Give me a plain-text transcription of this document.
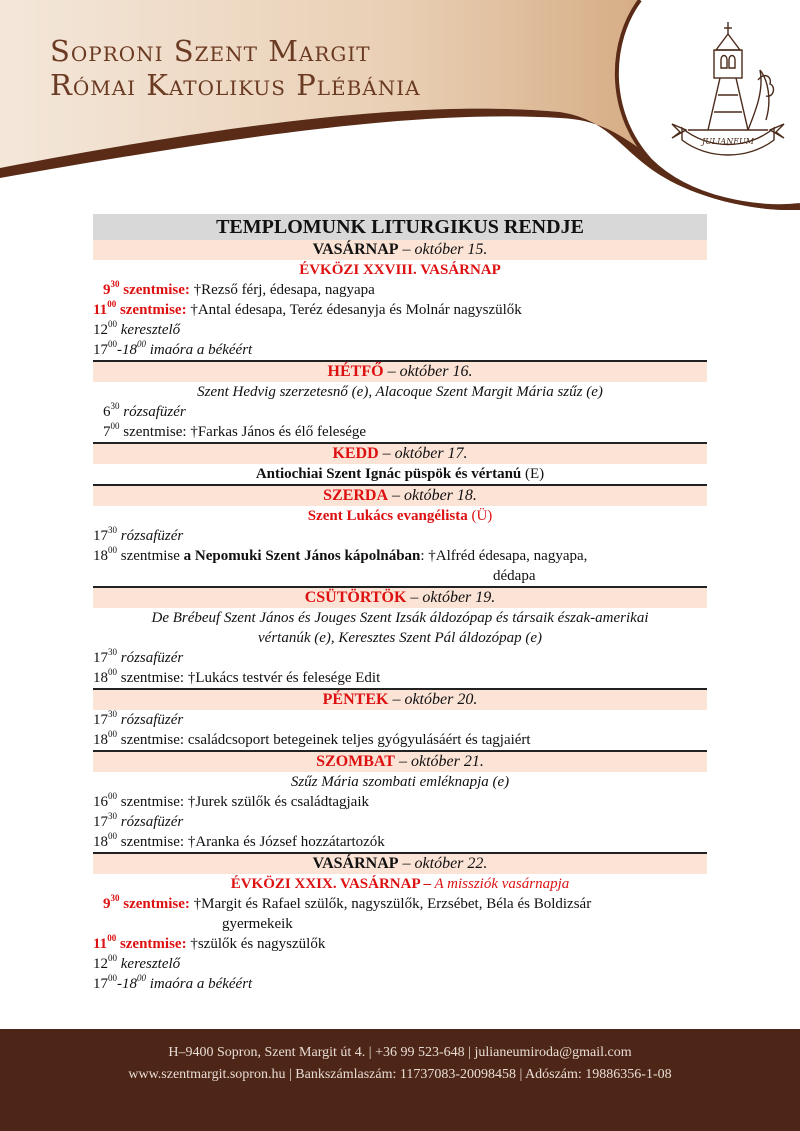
Soproni Szent Margit
Római Katolikus Plébánia
JULIANEUM
TEMPLOMUNK LITURGIKUS RENDJE
VASÁRNAP – október 15.
ÉVKÖZI XXVIII. VASÁRNAP
$9^{30}$ szentmise: †Rezső férj, édesapa, nagyapa
$11^{00}$ szentmise: †Antal édesapa, Teréz édesanyja és Molnár nagyszülők
$12^{00}$ keresztelő
$17^{00}-18^{00}$ imaóra a békéért
HÉTFŐ – október 16.
Szent Hedvig szerzetesnő (e), Alacoque Szent Margit Mária szűz (e)
$6^{30}$ rózsafüzér
$7^{00}$ szentmise: †Farkas János és élő felesége
KEDD – október 17.
Antiochiai Szent Ignác püspök és vértanú (E)
SZERDA – október 18.
Szent Lukács evangélista (Ü)
$17^{30}$ rózsafüzér
$18^{00}$ szentmise a Nepomuki Szent János kápolnában: †Alfréd édesapa, nagyapa,
dédapa
CSÜTÖRTÖK – október 19.
De Brébeuf Szent János és Jouges Szent Izsák áldozópap és társaik észak-amerikai
vértanúk (e), Keresztes Szent Pál áldozópap (e)
$17^{30}$ rózsafüzér
$18^{00}$ szentmise: †Lukács testvér és felesége Edit
PÉNTEK – október 20.
$17^{30}$ rózsafüzér
$18^{00}$ szentmise: családcsoport betegeinek teljes gyógyulásáért és tagjaiért
SZOMBAT – október 21.
Szűz Mária szombati emléknapja (e)
$16^{00}$ szentmise: †Jurek szülők és családtagjaik
$17^{30}$ rózsafüzér
$18^{00}$ szentmise: †Aranka és József hozzátartozók
VASÁRNAP – október 22.
ÉVKÖZI XXIX. VASÁRNAP – A missziók vasárnapja
$9^{30}$ szentmise: †Margit és Rafael szülők, nagyszülők, Erzsébet, Béla és Boldizsár
gyermekeik
$11^{00}$ szentmise: †szülők és nagyszülők
$12^{00}$ keresztelő
$17^{00}-18^{00}$ imaóra a békéért
H–9400 Sopron, Szent Margit út 4. | +36 99 523-648 | julianeumiroda@gmail.com
www.szentmargit.sopron.hu | Bankszámlaszám: 11737083-20098458 | Adószám: 19886356-1-08
